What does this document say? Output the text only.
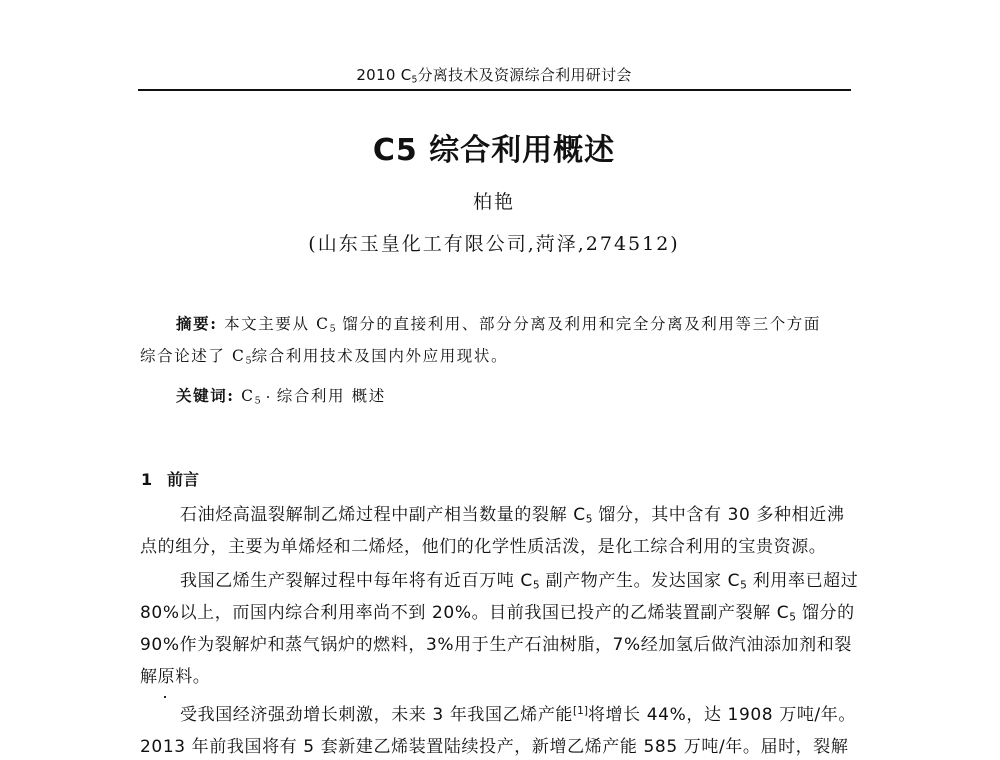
2010 $C_5$分离技术及资源综合利用研讨会
C5 综合利用概述
柏艳
(山东玉皇化工有限公司,菏泽,274512)
摘要: 本文主要从 $C_5$ 馏分的直接利用、部分分离及利用和完全分离及利用等三个方面
综合论述了 $C_5$综合利用技术及国内外应用现状。
关键词: $C_5$ 综合利用 概述
1 前言
石油烃高温裂解制乙烯过程中副产相当数量的裂解 $C_5$ 馏分，其中含有 30 多种相近沸
点的组分，主要为单烯烃和二烯烃，他们的化学性质活泼，是化工综合利用的宝贵资源。
我国乙烯生产裂解过程中每年将有近百万吨 $C_5$ 副产物产生。发达国家 $C_5$ 利用率已超过
80%以上，而国内综合利用率尚不到 20%。目前我国已投产的乙烯装置副产裂解 $C_5$ 馏分的
90%作为裂解炉和蒸气锅炉的燃料，3%用于生产石油树脂，7%经加氢后做汽油添加剂和裂
解原料。
受我国经济强劲增长刺激，未来 3 年我国乙烯产能[1]将增长 44%，达 1908 万吨/年。
2013 年前我国将有 5 套新建乙烯装置陆续投产，新增乙烯产能 585 万吨/年。届时，裂解
